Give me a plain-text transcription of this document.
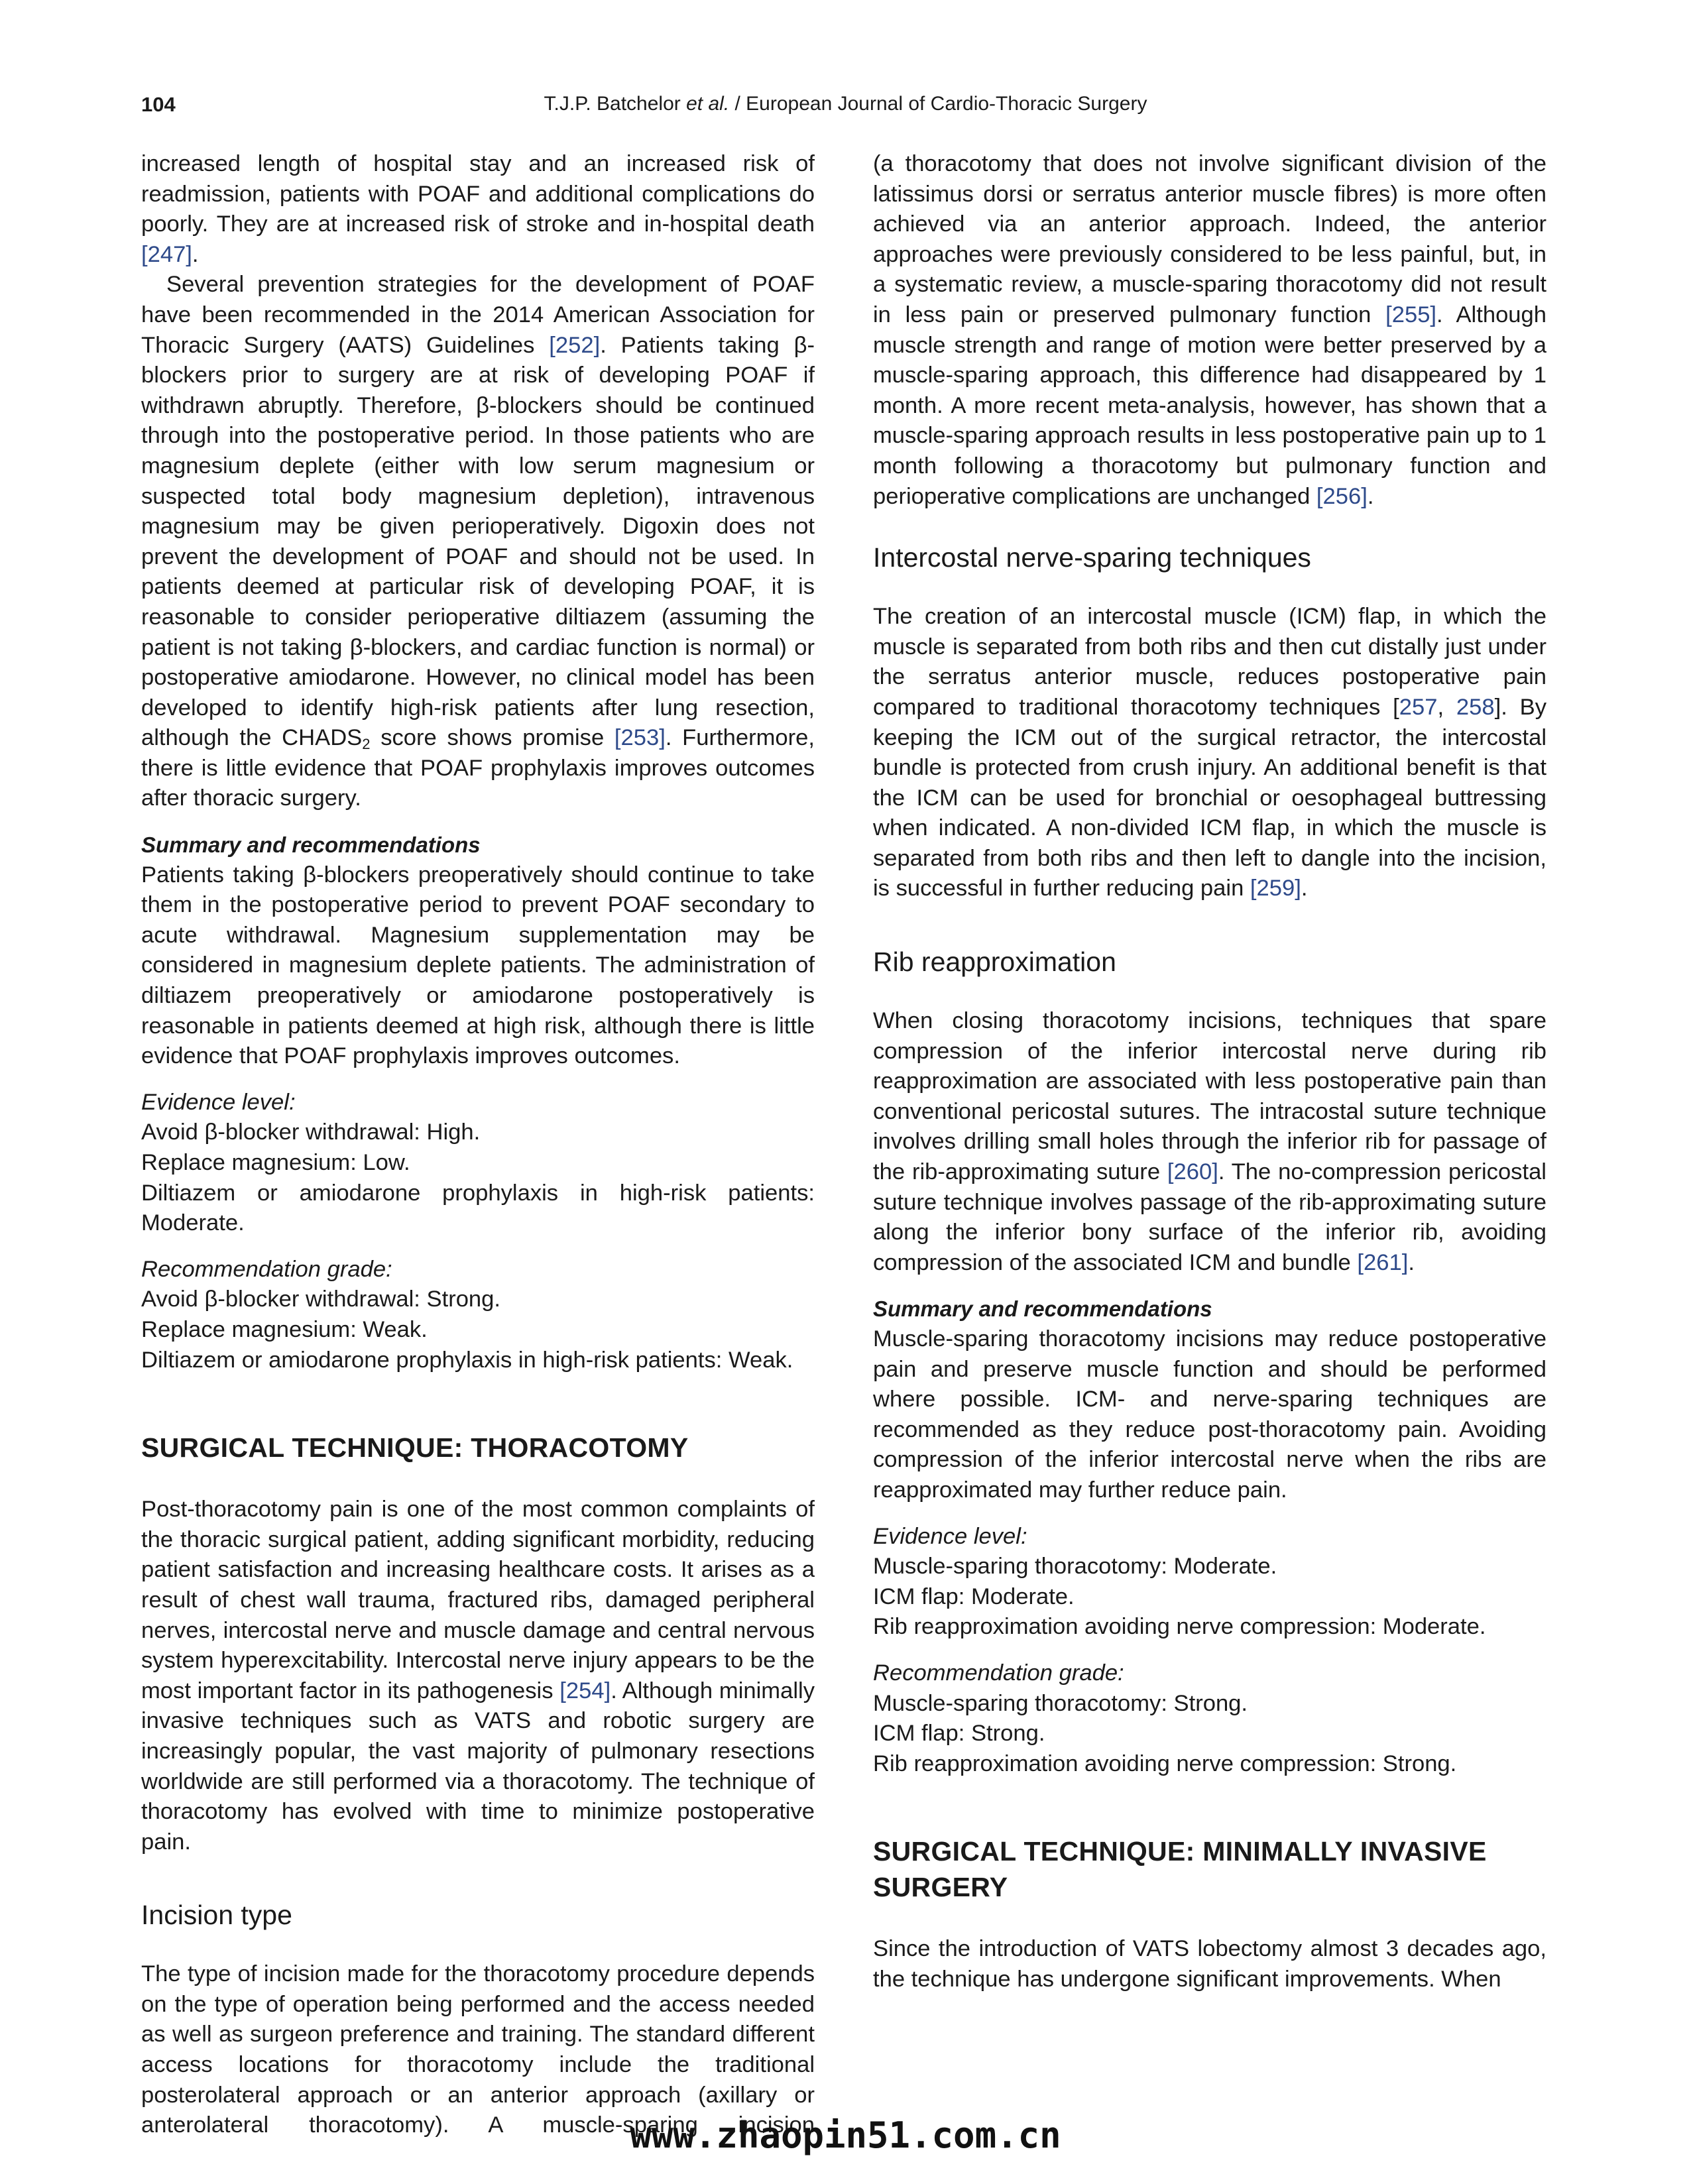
104	T.J.P. Batchelor et al. / European Journal of Cardio-Thoracic Surgery

increased length of hospital stay and an increased risk of readmission, patients with POAF and additional complications do poorly. They are at increased risk of stroke and in-hospital death [247].

Several prevention strategies for the development of POAF have been recommended in the 2014 American Association for Thoracic Surgery (AATS) Guidelines [252]. Patients taking β-blockers prior to surgery are at risk of developing POAF if withdrawn abruptly. Therefore, β-blockers should be continued through into the postoperative period. In those patients who are magnesium deplete (either with low serum magnesium or suspected total body magnesium depletion), intravenous magnesium may be given perioperatively. Digoxin does not prevent the development of POAF and should not be used. In patients deemed at particular risk of developing POAF, it is reasonable to consider perioperative diltiazem (assuming the patient is not taking β-blockers, and cardiac function is normal) or postoperative amiodarone. However, no clinical model has been developed to identify high-risk patients after lung resection, although the $CHADS_2$ score shows promise [253]. Furthermore, there is little evidence that POAF prophylaxis improves outcomes after thoracic surgery.

Summary and recommendations

Patients taking β-blockers preoperatively should continue to take them in the postoperative period to prevent POAF secondary to acute withdrawal. Magnesium supplementation may be considered in magnesium deplete patients. The administration of diltiazem preoperatively or amiodarone postoperatively is reasonable in patients deemed at high risk, although there is little evidence that POAF prophylaxis improves outcomes.

Evidence level:
Avoid β-blocker withdrawal: High.
Replace magnesium: Low.
Diltiazem or amiodarone prophylaxis in high-risk patients:
Moderate.
Recommendation grade:
Avoid β-blocker withdrawal: Strong.
Replace magnesium: Weak.
Diltiazem or amiodarone prophylaxis in high-risk patients: Weak.
SURGICAL TECHNIQUE: THORACOTOMY

Post-thoracotomy pain is one of the most common complaints of the thoracic surgical patient, adding significant morbidity, reducing patient satisfaction and increasing healthcare costs. It arises as a result of chest wall trauma, fractured ribs, damaged peripheral nerves, intercostal nerve and muscle damage and central nervous system hyperexcitability. Intercostal nerve injury appears to be the most important factor in its pathogenesis [254]. Although minimally invasive techniques such as VATS and robotic surgery are increasingly popular, the vast majority of pulmonary resections worldwide are still performed via a thoracotomy. The technique of thoracotomy has evolved with time to minimize postoperative pain.

Incision type

The type of incision made for the thoracotomy procedure depends on the type of operation being performed and the access needed as well as surgeon preference and training. The standard different access locations for thoracotomy include the traditional posterolateral approach or an anterior approach (axillary or anterolateral thoracotomy). A muscle-sparing incision

(a thoracotomy that does not involve significant division of the latissimus dorsi or serratus anterior muscle fibres) is more often achieved via an anterior approach. Indeed, the anterior approaches were previously considered to be less painful, but, in a systematic review, a muscle-sparing thoracotomy did not result in less pain or preserved pulmonary function [255]. Although muscle strength and range of motion were better preserved by a muscle-sparing approach, this difference had disappeared by 1 month. A more recent meta-analysis, however, has shown that a muscle-sparing approach results in less postoperative pain up to 1 month following a thoracotomy but pulmonary function and perioperative complications are unchanged [256].

Intercostal nerve-sparing techniques

The creation of an intercostal muscle (ICM) flap, in which the muscle is separated from both ribs and then cut distally just under the serratus anterior muscle, reduces postoperative pain compared to traditional thoracotomy techniques [257, 258]. By keeping the ICM out of the surgical retractor, the intercostal bundle is protected from crush injury. An additional benefit is that the ICM can be used for bronchial or oesophageal buttressing when indicated. A non-divided ICM flap, in which the muscle is separated from both ribs and then left to dangle into the incision, is successful in further reducing pain [259].

Rib reapproximation

When closing thoracotomy incisions, techniques that spare compression of the inferior intercostal nerve during rib reapproximation are associated with less postoperative pain than conventional pericostal sutures. The intracostal suture technique involves drilling small holes through the inferior rib for passage of the rib-approximating suture [260]. The no-compression pericostal suture technique involves passage of the rib-approximating suture along the inferior bony surface of the inferior rib, avoiding compression of the associated ICM and bundle [261].

Summary and recommendations

Muscle-sparing thoracotomy incisions may reduce postoperative pain and preserve muscle function and should be performed where possible. ICM- and nerve-sparing techniques are recommended as they reduce post-thoracotomy pain. Avoiding compression of the inferior intercostal nerve when the ribs are reapproximated may further reduce pain.

Evidence level:
Muscle-sparing thoracotomy: Moderate.
ICM flap: Moderate.
Rib reapproximation avoiding nerve compression: Moderate.
Recommendation grade:
Muscle-sparing thoracotomy: Strong.
ICM flap: Strong.
Rib reapproximation avoiding nerve compression: Strong.
SURGICAL TECHNIQUE: MINIMALLY INVASIVE SURGERY

Since the introduction of VATS lobectomy almost 3 decades ago, the technique has undergone significant improvements. When

www.zhaopin51.com.cn
